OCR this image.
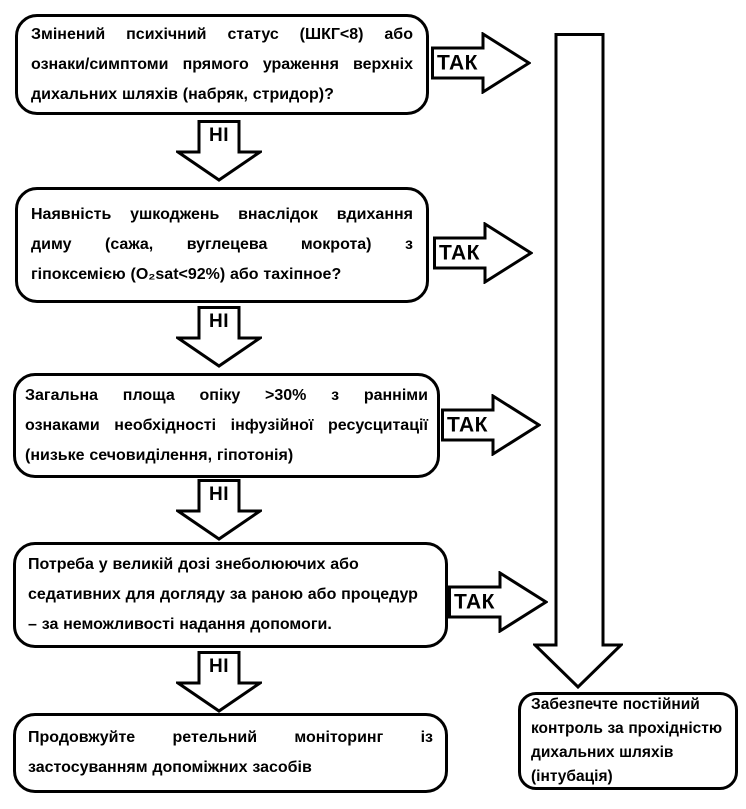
Змінений психічний статус (ШКГ<8) або
ознаки/симптоми прямого ураження верхніх
дихальних шляхів (набряк, стридор)?
Наявність ушкоджень внаслідок вдихання
диму (сажа, вуглецева мокрота) з
гіпоксемією (O₂sat<92%) або тахіпное?
Загальна площа опіку >30% з ранніми
ознаками необхідності інфузійної ресусцитації
(низьке сечовиділення, гіпотонія)
Потреба у великій дозі знеболюючих або
седативних для догляду за раною або процедур
– за неможливості надання допомоги.
Продовжуйте ретельний моніторинг із
застосуванням допоміжних засобів
Забезпечте постійний
контроль за прохідністю
дихальних шляхів
(інтубація)
НІ
НІ
НІ
НІ
ТАК
ТАК
ТАК
ТАК
